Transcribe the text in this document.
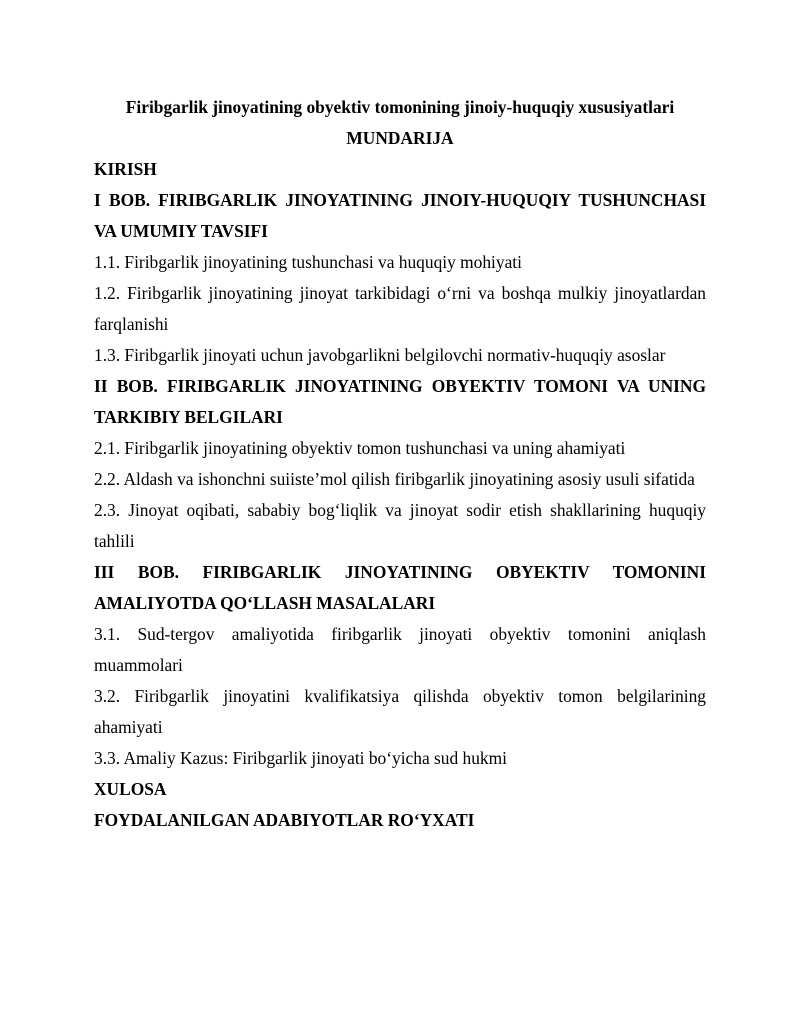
Firibgarlik jinoyatining obyektiv tomonining jinoiy-huquqiy xususiyatlari

MUNDARIJA

KIRISH

I BOB. FIRIBGARLIK JINOYATINING JINOIY-HUQUQIY TUSHUNCHASI VA UMUMIY TAVSIFI

1.1. Firibgarlik jinoyatining tushunchasi va huquqiy mohiyati

1.2. Firibgarlik jinoyatining jinoyat tarkibidagi o‘rni va boshqa mulkiy jinoyatlardan farqlanishi

1.3. Firibgarlik jinoyati uchun javobgarlikni belgilovchi normativ-huquqiy asoslar

II BOB. FIRIBGARLIK JINOYATINING OBYEKTIV TOMONI VA UNING TARKIBIY BELGILARI

2.1. Firibgarlik jinoyatining obyektiv tomon tushunchasi va uning ahamiyati

2.2. Aldash va ishonchni suiiste’mol qilish firibgarlik jinoyatining asosiy usuli sifatida

2.3. Jinoyat oqibati, sababiy bog‘liqlik va jinoyat sodir etish shakllarining huquqiy tahlili

III BOB. FIRIBGARLIK JINOYATINING OBYEKTIV TOMONINI AMALIYOTDA QO‘LLASH MASALALARI

3.1. Sud-tergov amaliyotida firibgarlik jinoyati obyektiv tomonini aniqlash muammolari

3.2. Firibgarlik jinoyatini kvalifikatsiya qilishda obyektiv tomon belgilarining ahamiyati

3.3. Amaliy Kazus: Firibgarlik jinoyati bo‘yicha sud hukmi

XULOSA

FOYDALANILGAN ADABIYOTLAR RO‘YXATI
